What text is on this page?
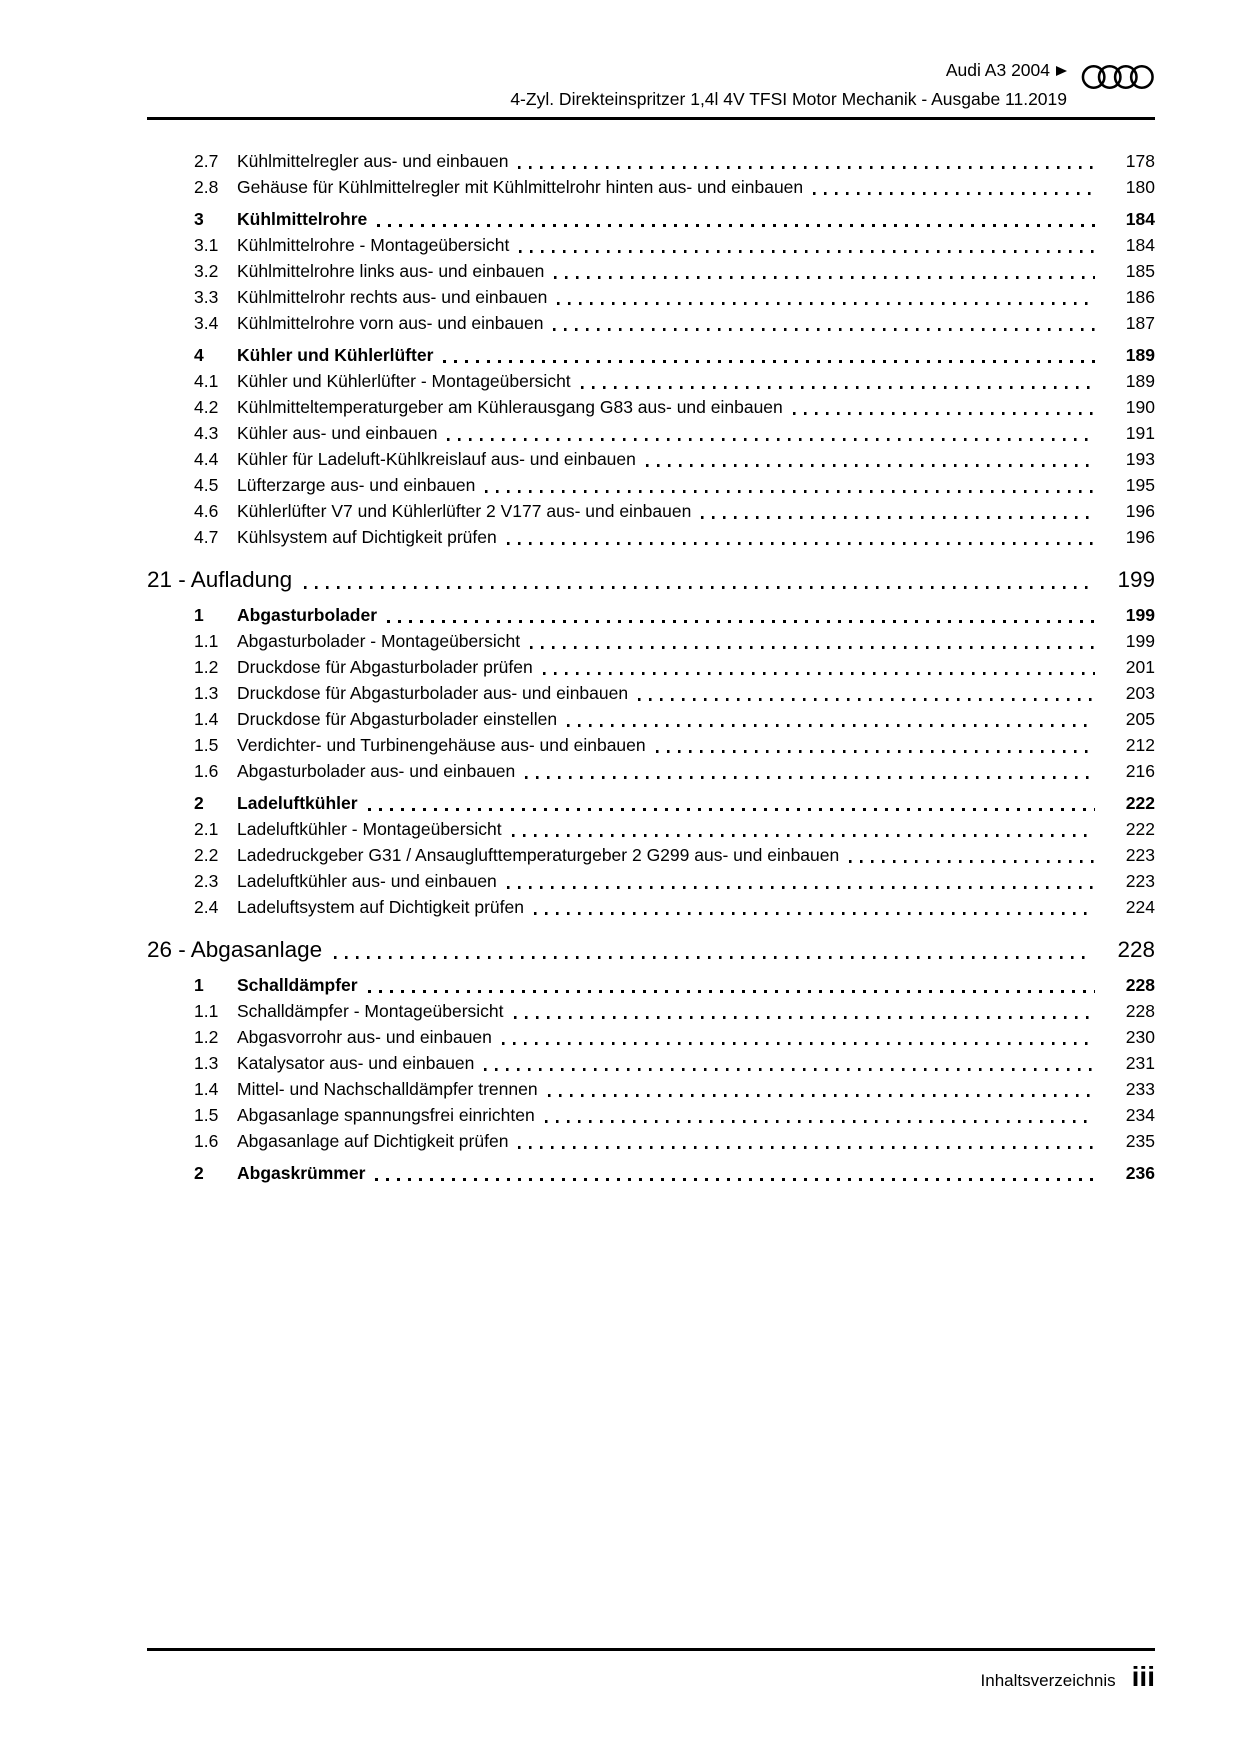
Audi A3 2004
4-Zyl. Direkteinspritzer 1,4l 4V TFSI Motor Mechanik - Ausgabe 11.2019
2.7	Kühlmittelregler aus- und einbauen	178
2.8	Gehäuse für Kühlmittelregler mit Kühlmittelrohr hinten aus- und einbauen	180
3	Kühlmittelrohre	184
3.1	Kühlmittelrohre - Montageübersicht	184
3.2	Kühlmittelrohre links aus- und einbauen	185
3.3	Kühlmittelrohr rechts aus- und einbauen	186
3.4	Kühlmittelrohre vorn aus- und einbauen	187
4	Kühler und Kühlerlüfter	189
4.1	Kühler und Kühlerlüfter - Montageübersicht	189
4.2	Kühlmitteltemperaturgeber am Kühlerausgang G83 aus- und einbauen	190
4.3	Kühler aus- und einbauen	191
4.4	Kühler für Ladeluft-Kühlkreislauf aus- und einbauen	193
4.5	Lüfterzarge aus- und einbauen	195
4.6	Kühlerlüfter V7 und Kühlerlüfter 2 V177 aus- und einbauen	196
4.7	Kühlsystem auf Dichtigkeit prüfen	196
21 - Aufladung	199
1	Abgasturbolader	199
1.1	Abgasturbolader - Montageübersicht	199
1.2	Druckdose für Abgasturbolader prüfen	201
1.3	Druckdose für Abgasturbolader aus- und einbauen	203
1.4	Druckdose für Abgasturbolader einstellen	205
1.5	Verdichter- und Turbinengehäuse aus- und einbauen	212
1.6	Abgasturbolader aus- und einbauen	216
2	Ladeluftkühler	222
2.1	Ladeluftkühler - Montageübersicht	222
2.2	Ladedruckgeber G31 / Ansauglufttemperaturgeber 2 G299 aus- und einbauen	223
2.3	Ladeluftkühler aus- und einbauen	223
2.4	Ladeluftsystem auf Dichtigkeit prüfen	224
26 - Abgasanlage	228
1	Schalldämpfer	228
1.1	Schalldämpfer - Montageübersicht	228
1.2	Abgasvorrohr aus- und einbauen	230
1.3	Katalysator aus- und einbauen	231
1.4	Mittel- und Nachschalldämpfer trennen	233
1.5	Abgasanlage spannungsfrei einrichten	234
1.6	Abgasanlage auf Dichtigkeit prüfen	235
2	Abgaskrümmer	236
Inhaltsverzeichnis iii
